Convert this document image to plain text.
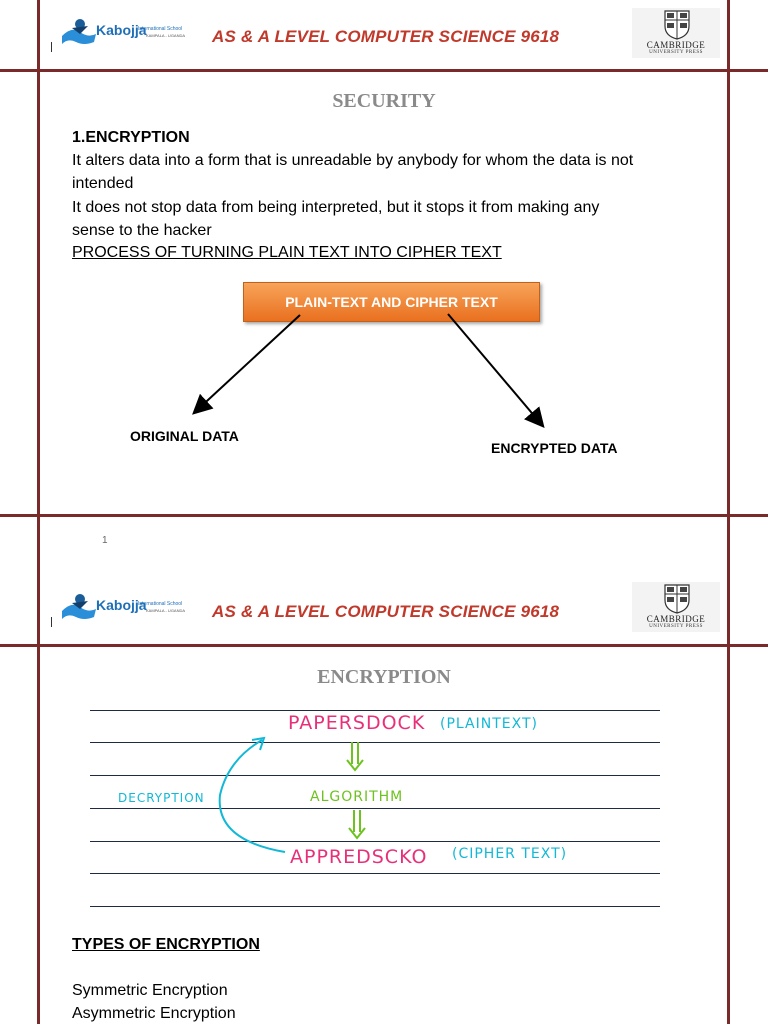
Kabojja
International School
KAMPALA - UGANDA AS & A LEVEL COMPUTER SCIENCE 9618	CAMBRIDGE
UNIVERSITY PRESS
SECURITY
1.ENCRYPTION
It alters data into a form that is unreadable by anybody for whom the data is not
intended
It does not stop data from being interpreted, but it stops it from making any
sense to the hacker
PROCESS OF TURNING PLAIN TEXT INTO CIPHER TEXT
PLAIN-TEXT AND CIPHER TEXT
ORIGINAL DATA
ENCRYPTED DATA
1
Kabojja
International School
KAMPALA - UGANDA AS & A LEVEL COMPUTER SCIENCE 9618	CAMBRIDGE
UNIVERSITY PRESS
ENCRYPTION
PAPERSDOCK (PLAINTEXT)
ALGORITHM
DECRYPTION
APPREDSCKO (CIPHER TEXT)
TYPES OF ENCRYPTION
Symmetric Encryption
Asymmetric Encryption
